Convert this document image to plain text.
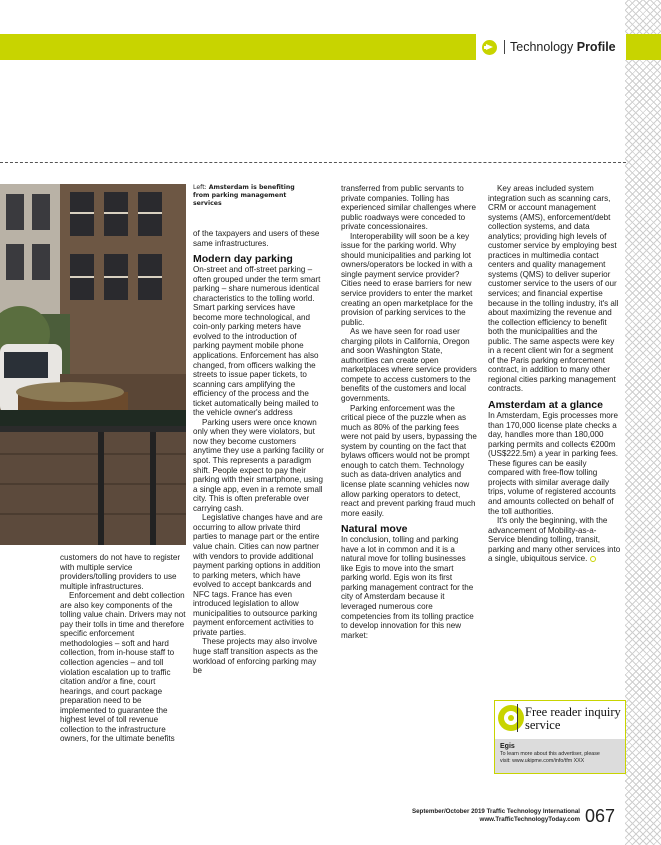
Technology Profile
Left: Amsterdam is benefiting from parking management services

customers do not have to register with multiple service providers/tolling providers to use multiple infrastructures.

Enforcement and debt collection are also key components of the tolling value chain. Drivers may not pay their tolls in time and therefore specific enforcement methodologies – soft and hard collection, from in-house staff to collection agencies – and toll violation escalation up to traffic citation and/or a fine, court hearings, and court package preparation need to be implemented to guarantee the highest level of toll revenue collection to the infrastructure owners, for the ultimate benefits

of the taxpayers and users of these same infrastructures.

Modern day parking

On-street and off-street parking – often grouped under the term smart parking – share numerous identical characteristics to the tolling world. Smart parking services have become more technological, and coin-only parking meters have evolved to the introduction of parking payment mobile phone applications. Enforcement has also changed, from officers walking the streets to issue paper tickets, to scanning cars amplifying the efficiency of the process and the ticket automatically being mailed to the vehicle owner's address

Parking users were once known only when they were violators, but now they become customers anytime they use a parking facility or spot. This represents a paradigm shift. People expect to pay their parking with their smartphone, using a single app, even in a remote small city. This is often preferable over carrying cash.

Legislative changes have and are occurring to allow private third parties to manage part or the entire value chain. Cities can now partner with vendors to provide additional payment parking options in addition to parking meters, which have evolved to accept bankcards and NFC tags. France has even introduced legislation to allow municipalities to outsource parking payment enforcement activities to private parties.

These projects may also involve huge staff transition aspects as the workload of enforcing parking may be

transferred from public servants to private companies. Tolling has experienced similar challenges where public roadways were conceded to private concessionaires.

Interoperability will soon be a key issue for the parking world. Why should municipalities and parking lot owners/operators be locked in with a single payment service provider? Cities need to erase barriers for new service providers to enter the market creating an open marketplace for the provision of parking services to the public.

As we have seen for road user charging pilots in California, Oregon and soon Washington State, authorities can create open marketplaces where service providers compete to access customers to the benefits of the customers and local governments.

Parking enforcement was the critical piece of the puzzle when as much as 80% of the parking fees were not paid by users, bypassing the system by counting on the fact that bylaws officers would not be prompt enough to catch them. Technology such as data-driven analytics and license plate scanning vehicles now allow parking operators to detect, react and prevent parking fraud much more easily.

Natural move

In conclusion, tolling and parking have a lot in common and it is a natural move for tolling businesses like Egis to move into the smart parking world. Egis won its first parking management contract for the city of Amsterdam because it leveraged numerous core competencies from its tolling practice to develop innovation for this new market:

Key areas included system integration such as scanning cars, CRM or account management systems (AMS), enforcement/debt collection systems, and data analytics; providing high levels of customer service by employing best practices in multimedia contact centers and quality management systems (QMS) to deliver superior customer service to the users of our services; and financial expertise because in the tolling industry, it's all about maximizing the revenue and the collection efficiency to benefit both the municipalities and the public. The same aspects were key in a recent client win for a segment of the Paris parking enforcement contract, in addition to many other regional cities parking management contracts.

Amsterdam at a glance

In Amsterdam, Egis processes more than 170,000 license plate checks a day, handles more than 180,000 parking permits and collects €200m (US$222.5m) a year in parking fees. These figures can be easily compared with free-flow tolling projects with similar average daily trips, volume of registered accounts and amounts collected on behalf of the toll authorities.

It's only the beginning, with the advancement of Mobility-as-a-Service blending tolling, transit, parking and many other services into a single, ubiquitous service.

Free reader inquiry service
Egis
To learn more about this advertiser, please
visit: www.ukipme.com/info/tfm XXX
September/October 2019 Traffic Technology International
www.TrafficTechnologyToday.com 067
